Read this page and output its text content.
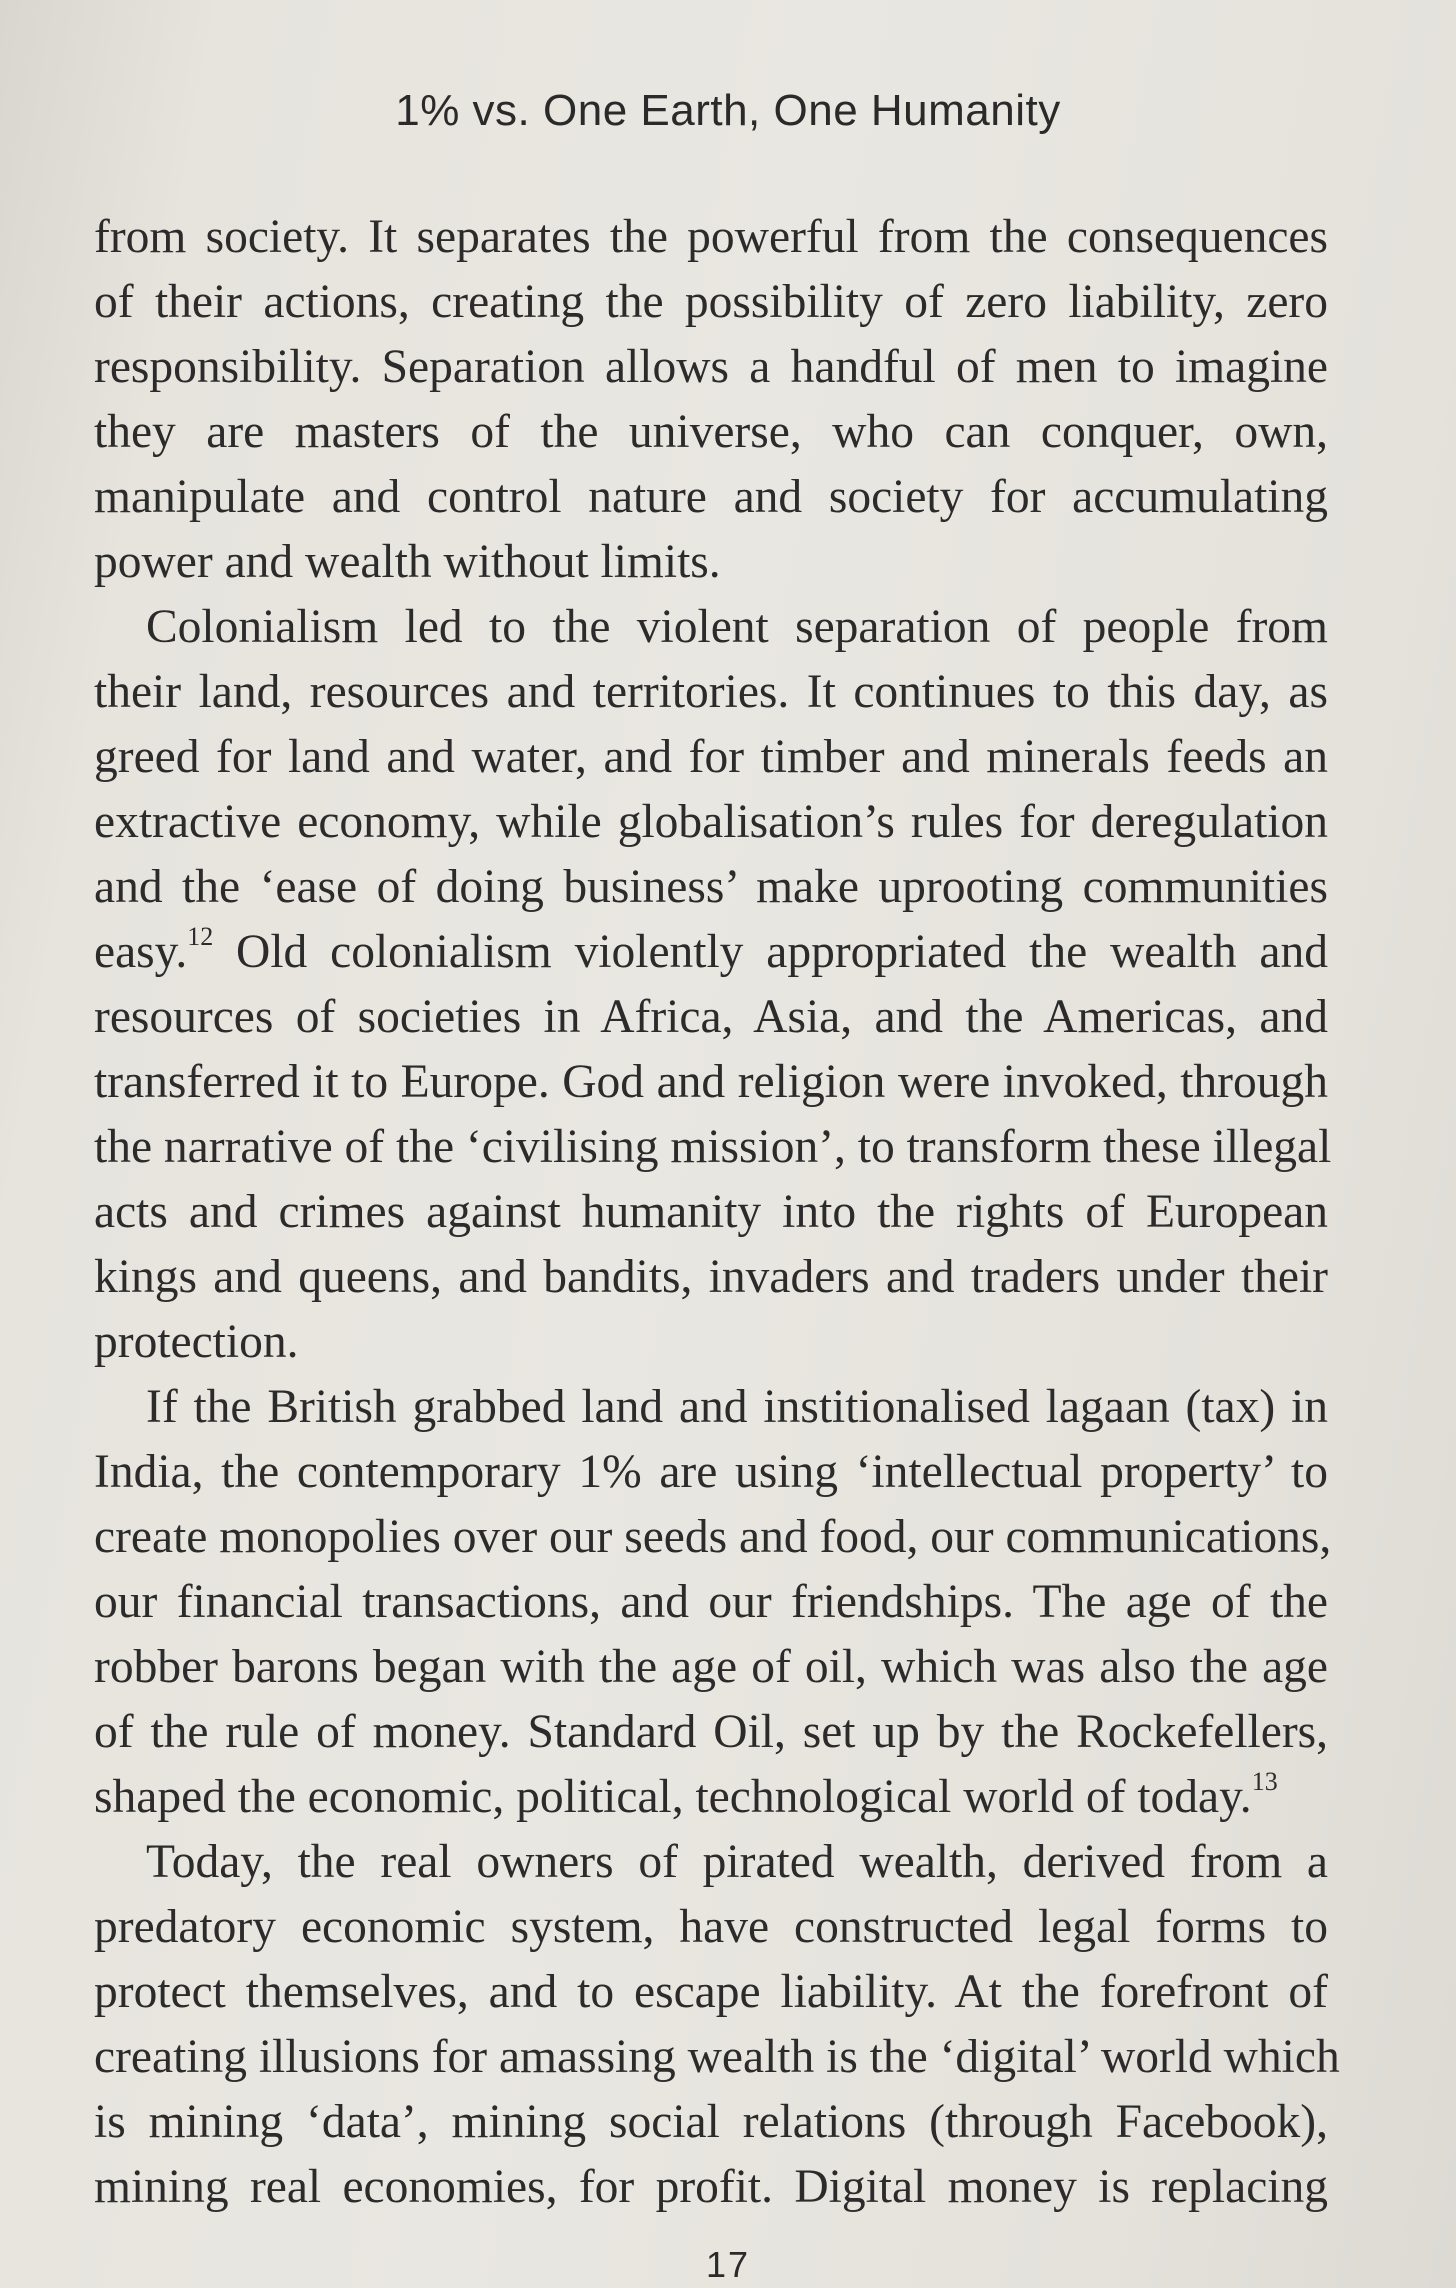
1% vs. One Earth, One Humanity

from society. It separates the powerful from the consequences
of their actions, creating the possibility of zero liability, zero
responsibility. Separation allows a handful of men to imagine
they are masters of the universe, who can conquer, own,
manipulate and control nature and society for accumulating
power and wealth without limits.

Colonialism led to the violent separation of people from
their land, resources and territories. It continues to this day, as
greed for land and water, and for timber and minerals feeds an
extractive economy, while globalisation’s rules for deregulation
and the ‘ease of doing business’ make uprooting communities
easy.$^{12}$ Old colonialism violently appropriated the wealth and
resources of societies in Africa, Asia, and the Americas, and
transferred it to Europe. God and religion were invoked, through
the narrative of the ‘civilising mission’, to transform these illegal
acts and crimes against humanity into the rights of European
kings and queens, and bandits, invaders and traders under their
protection.

If the British grabbed land and institionalised lagaan (tax) in
India, the contemporary 1% are using ‘intellectual property’ to
create monopolies over our seeds and food, our communications,
our financial transactions, and our friendships. The age of the
robber barons began with the age of oil, which was also the age
of the rule of money. Standard Oil, set up by the Rockefellers,
shaped the economic, political, technological world of today.$^{13}$

Today, the real owners of pirated wealth, derived from a
predatory economic system, have constructed legal forms to
protect themselves, and to escape liability. At the forefront of
creating illusions for amassing wealth is the ‘digital’ world which
is mining ‘data’, mining social relations (through Facebook),
mining real economies, for profit. Digital money is replacing

17
